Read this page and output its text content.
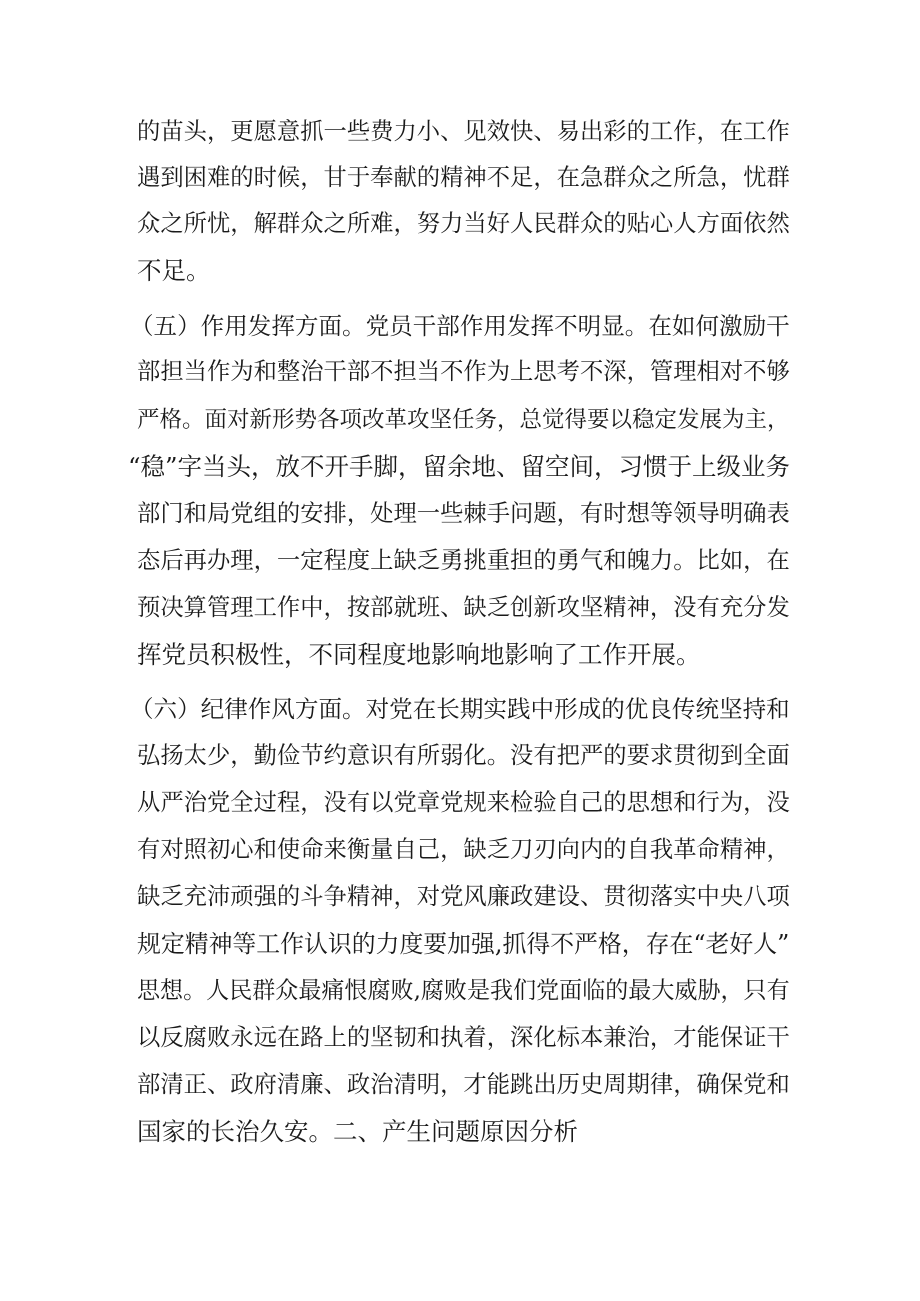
的苗头，更愿意抓一些费力小、见效快、易出彩的工作，在工作
遇到困难的时候，甘于奉献的精神不足，在急群众之所急，忧群
众之所忧，解群众之所难，努力当好人民群众的贴心人方面依然
不足。
（五）作用发挥方面。党员干部作用发挥不明显。在如何激励干
部担当作为和整治干部不担当不作为上思考不深，管理相对不够
严格。面对新形势各项改革攻坚任务，总觉得要以稳定发展为主，
“稳”字当头，放不开手脚，留余地、留空间，习惯于上级业务
部门和局党组的安排，处理一些棘手问题，有时想等领导明确表
态后再办理，一定程度上缺乏勇挑重担的勇气和魄力。比如，在
预决算管理工作中，按部就班、缺乏创新攻坚精神，没有充分发
挥党员积极性，不同程度地影响地影响了工作开展。
（六）纪律作风方面。对党在长期实践中形成的优良传统坚持和
弘扬太少，勤俭节约意识有所弱化。没有把严的要求贯彻到全面
从严治党全过程，没有以党章党规来检验自己的思想和行为，没
有对照初心和使命来衡量自己，缺乏刀刃向内的自我革命精神，
缺乏充沛顽强的斗争精神，对党风廉政建设、贯彻落实中央八项
规定精神等工作认识的力度要加强,抓得不严格，存在“老好人”
思想。人民群众最痛恨腐败,腐败是我们党面临的最大威胁，只有
以反腐败永远在路上的坚韧和执着，深化标本兼治，才能保证干
部清正、政府清廉、政治清明，才能跳出历史周期律，确保党和
国家的长治久安。二、产生问题原因分析
